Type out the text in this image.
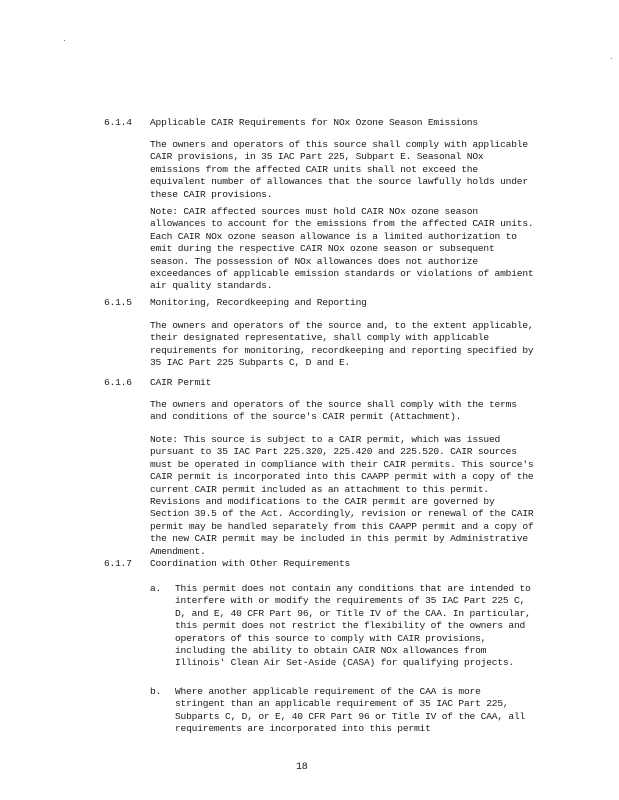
6.1.4 Applicable CAIR Requirements for NOx Ozone Season Emissions
The owners and operators of this source shall comply with applicable CAIR provisions, in 35 IAC Part 225, Subpart E. Seasonal NOx emissions from the affected CAIR units shall not exceed the equivalent number of allowances that the source lawfully holds under these CAIR provisions.
Note: CAIR affected sources must hold CAIR NOx ozone season allowances to account for the emissions from the affected CAIR units. Each CAIR NOx ozone season allowance is a limited authorization to emit during the respective CAIR NOx ozone season or subsequent season. The possession of NOx allowances does not authorize exceedances of applicable emission standards or violations of ambient air quality standards.
6.1.5 Monitoring, Recordkeeping and Reporting
The owners and operators of the source and, to the extent applicable, their designated representative, shall comply with applicable requirements for monitoring, recordkeeping and reporting specified by 35 IAC Part 225 Subparts C, D and E.
6.1.6 CAIR Permit
The owners and operators of the source shall comply with the terms and conditions of the source's CAIR permit (Attachment).
Note: This source is subject to a CAIR permit, which was issued pursuant to 35 IAC Part 225.320, 225.420 and 225.520. CAIR sources must be operated in compliance with their CAIR permits. This source's CAIR permit is incorporated into this CAAPP permit with a copy of the current CAIR permit included as an attachment to this permit. Revisions and modifications to the CAIR permit are governed by Section 39.5 of the Act. Accordingly, revision or renewal of the CAIR permit may be handled separately from this CAAPP permit and a copy of the new CAIR permit may be included in this permit by Administrative Amendment.
6.1.7 Coordination with Other Requirements
a. This permit does not contain any conditions that are intended to interfere with or modify the requirements of 35 IAC Part 225 C, D, and E, 40 CFR Part 96, or Title IV of the CAA. In particular, this permit does not restrict the flexibility of the owners and operators of this source to comply with CAIR provisions, including the ability to obtain CAIR NOx allowances from Illinois' Clean Air Set-Aside (CASA) for qualifying projects.
b. Where another applicable requirement of the CAA is more stringent than an applicable requirement of 35 IAC Part 225, Subparts C, D, or E, 40 CFR Part 96 or Title IV of the CAA, all requirements are incorporated into this permit
18
